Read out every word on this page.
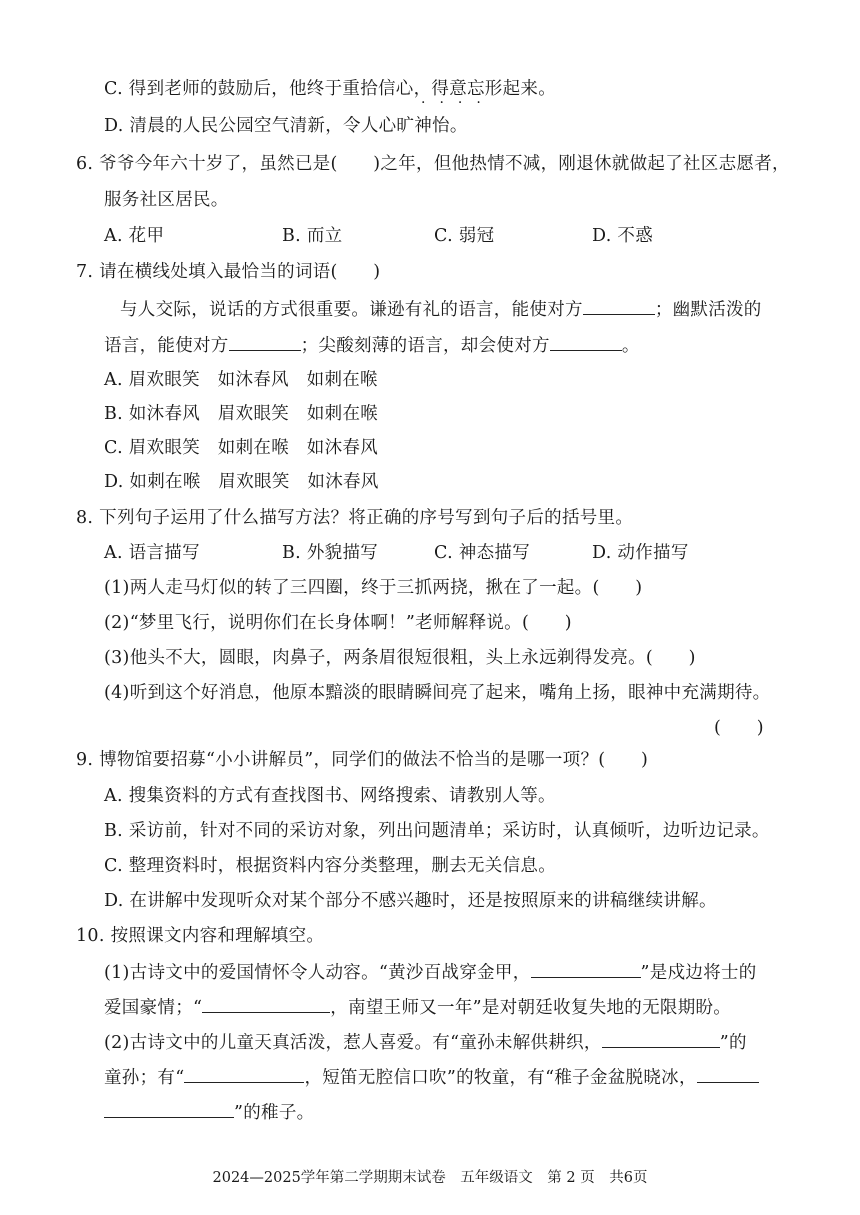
C. 得到老师的鼓励后，他终于重拾信心，得意忘形起来。
····
D. 清晨的人民公园空气清新，令人心旷神怡。
6. 爷爷今年六十岁了，虽然已是(　　)之年，但他热情不减，刚退休就做起了社区志愿者，
服务社区居民。
A. 花甲	B. 而立	C. 弱冠	D. 不惑
7. 请在横线处填入最恰当的词语(　　)
与人交际，说话的方式很重要。谦逊有礼的语言，能使对方	；幽默活泼的
语言，能使对方	；尖酸刻薄的语言，却会使对方	。
A. 眉欢眼笑　如沐春风　如刺在喉
B. 如沐春风　眉欢眼笑　如刺在喉
C. 眉欢眼笑　如刺在喉　如沐春风
D. 如刺在喉　眉欢眼笑　如沐春风
8. 下列句子运用了什么描写方法？将正确的序号写到句子后的括号里。
A. 语言描写	B. 外貌描写	C. 神态描写	D. 动作描写
(1)两人走马灯似的转了三四圈，终于三抓两挠，揪在了一起。(　　)
(2)“梦里飞行，说明你们在长身体啊！”老师解释说。(　　)
(3)他头不大，圆眼，肉鼻子，两条眉很短很粗，头上永远剃得发亮。(　　)
(4)听到这个好消息，他原本黯淡的眼睛瞬间亮了起来，嘴角上扬，眼神中充满期待。
(　　)
9. 博物馆要招募“小小讲解员”，同学们的做法不恰当的是哪一项？(　　)
A. 搜集资料的方式有查找图书、网络搜索、请教别人等。
B. 采访前，针对不同的采访对象，列出问题清单；采访时，认真倾听，边听边记录。
C. 整理资料时，根据资料内容分类整理，删去无关信息。
D. 在讲解中发现听众对某个部分不感兴趣时，还是按照原来的讲稿继续讲解。
10. 按照课文内容和理解填空。
(1)古诗文中的爱国情怀令人动容。“黄沙百战穿金甲，	”是戍边将士的
爱国豪情；“	，南望王师又一年”是对朝廷收复失地的无限期盼。
(2)古诗文中的儿童天真活泼，惹人喜爱。有“童孙未解供耕织，	”的
童孙；有“	，短笛无腔信口吹”的牧童，有“稚子金盆脱晓冰，
”的稚子。
2024—2025学年第二学期期末试卷　五年级语文　第 2 页　共6页
